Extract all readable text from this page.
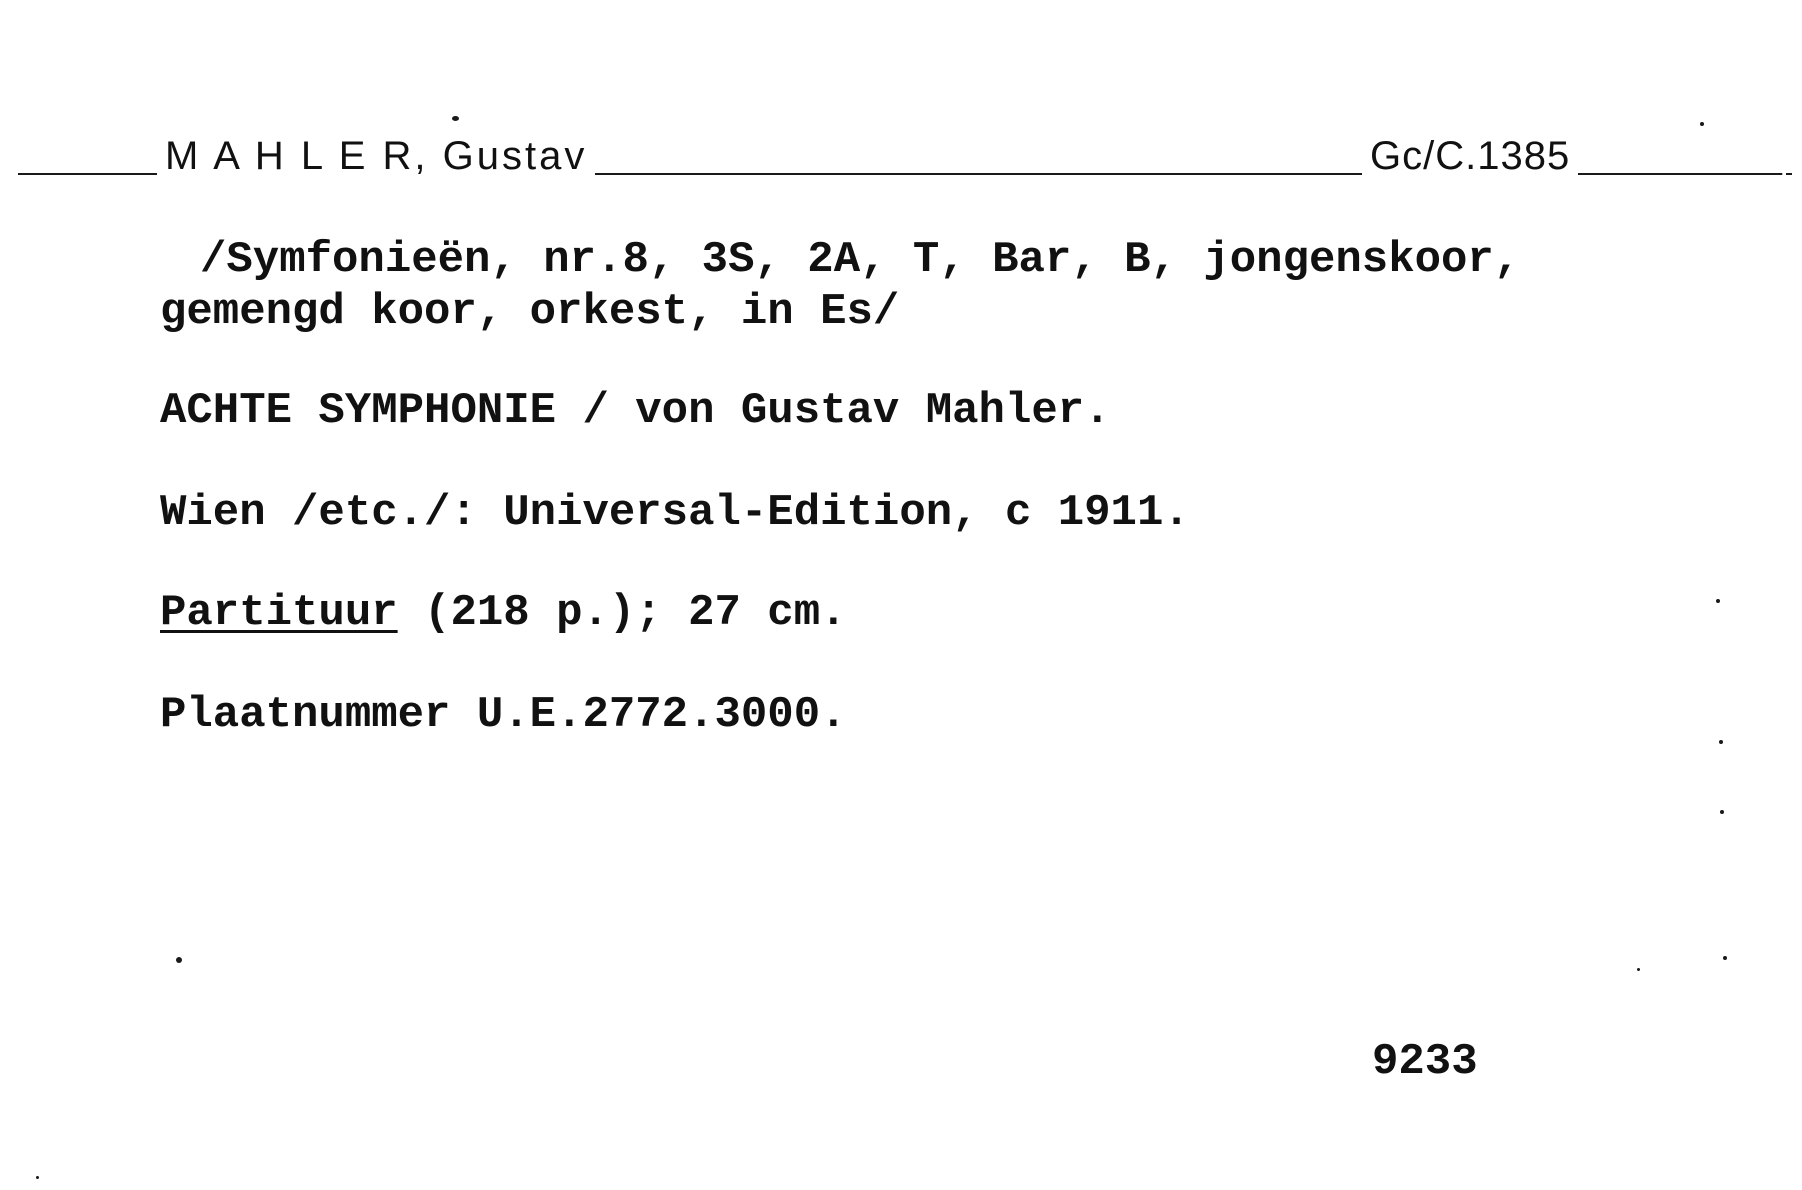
M A H L E R, Gustav	Gc/C.1385
/Symfonieën, nr.8, 3S, 2A, T, Bar, B, jongenskoor,
gemengd koor, orkest, in Es/
ACHTE SYMPHONIE / von Gustav Mahler.
Wien /etc./: Universal-Edition, c 1911.
Partituur (218 p.); 27 cm.
Plaatnummer U.E.2772.3000.
9233
